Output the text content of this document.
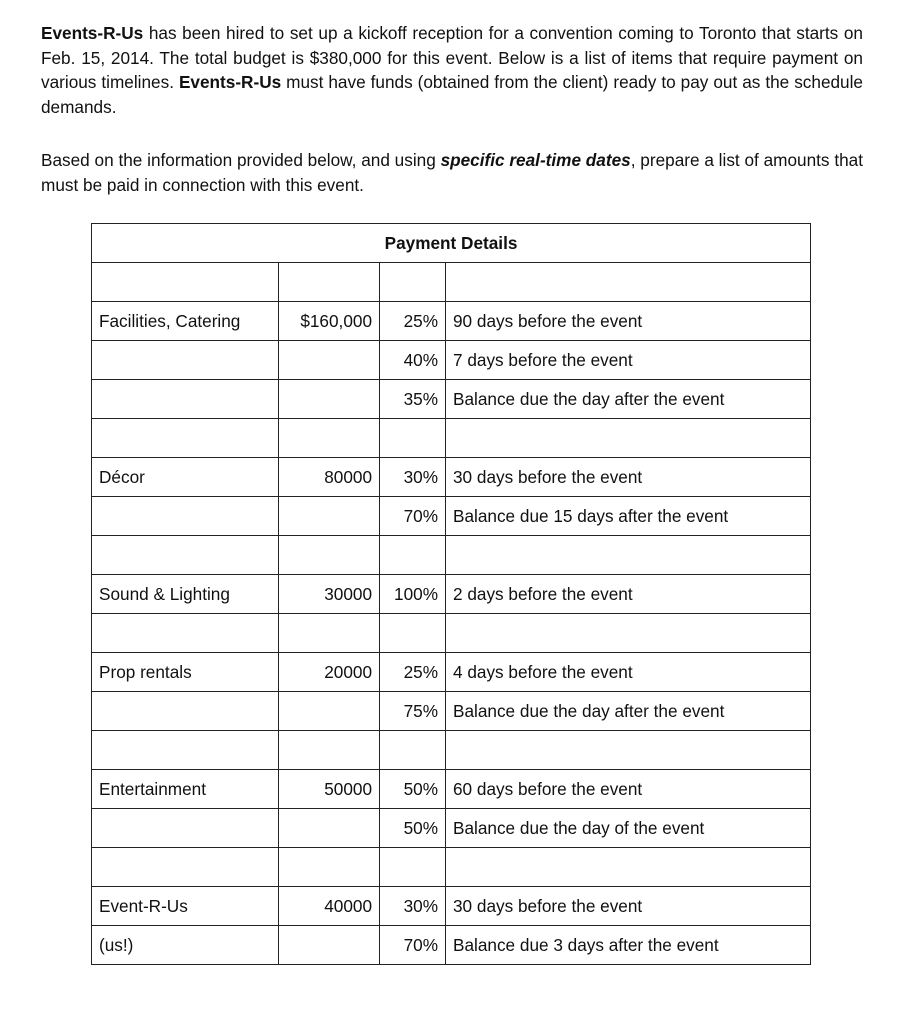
Events-R-Us has been hired to set up a kickoff reception for a convention coming to Toronto that starts on Feb. 15, 2014. The total budget is $380,000 for this event. Below is a list of items that require payment on various timelines. Events-R-Us must have funds (obtained from the client) ready to pay out as the schedule demands.

Based on the information provided below, and using specific real-time dates, prepare a list of amounts that must be paid in connection with this event.

Payment Details			

Facilities, Catering	$160,000	25%	90 days before the event
		40%	7 days before the event
		35%	Balance due the day after the event

Décor	80000	30%	30 days before the event
		70%	Balance due 15 days after the event

Sound & Lighting	30000	100%	2 days before the event

Prop rentals	20000	25%	4 days before the event
		75%	Balance due the day after the event

Entertainment	50000	50%	60 days before the event
		50%	Balance due the day of the event

Event-R-Us	40000	30%	30 days before the event
(us!)		70%	Balance due 3 days after the event
